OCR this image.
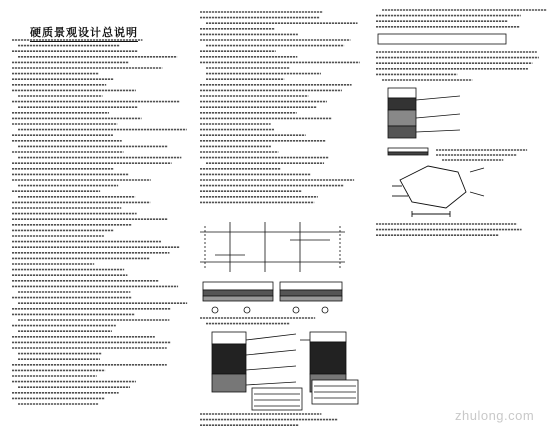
硬质景观设计总说明
zhulong.com
